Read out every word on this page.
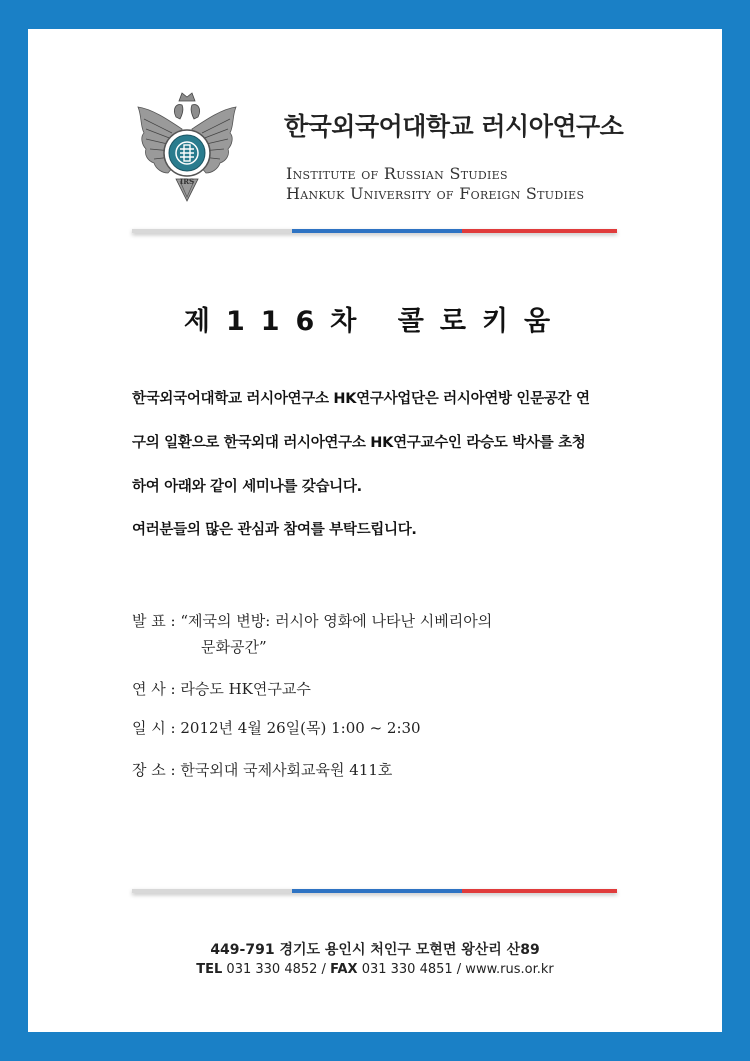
IRS
한국외국어대학교 러시아연구소
Institute of Russian Studies
Hankuk University of Foreign Studies
제116차 콜로키움

한국외국어대학교 러시아연구소 HK연구사업단은 러시아연방 인문공간 연

구의 일환으로 한국외대 러시아연구소 HK연구교수인 라승도 박사를 초청

하여 아래와 같이 세미나를 갖습니다.

여러분들의 많은 관심과 참여를 부탁드립니다.

발 표 : “제국의 변방: 러시아 영화에 나타난 시베리아의
문화공간”
연 사 : 라승도 HK연구교수
일 시 : 2012년 4월 26일(목) 1:00 ~ 2:30
장 소 : 한국외대 국제사회교육원 411호
449-791 경기도 용인시 처인구 모현면 왕산리 산89
TEL 031 330 4852 / FAX 031 330 4851 / www.rus.or.kr
